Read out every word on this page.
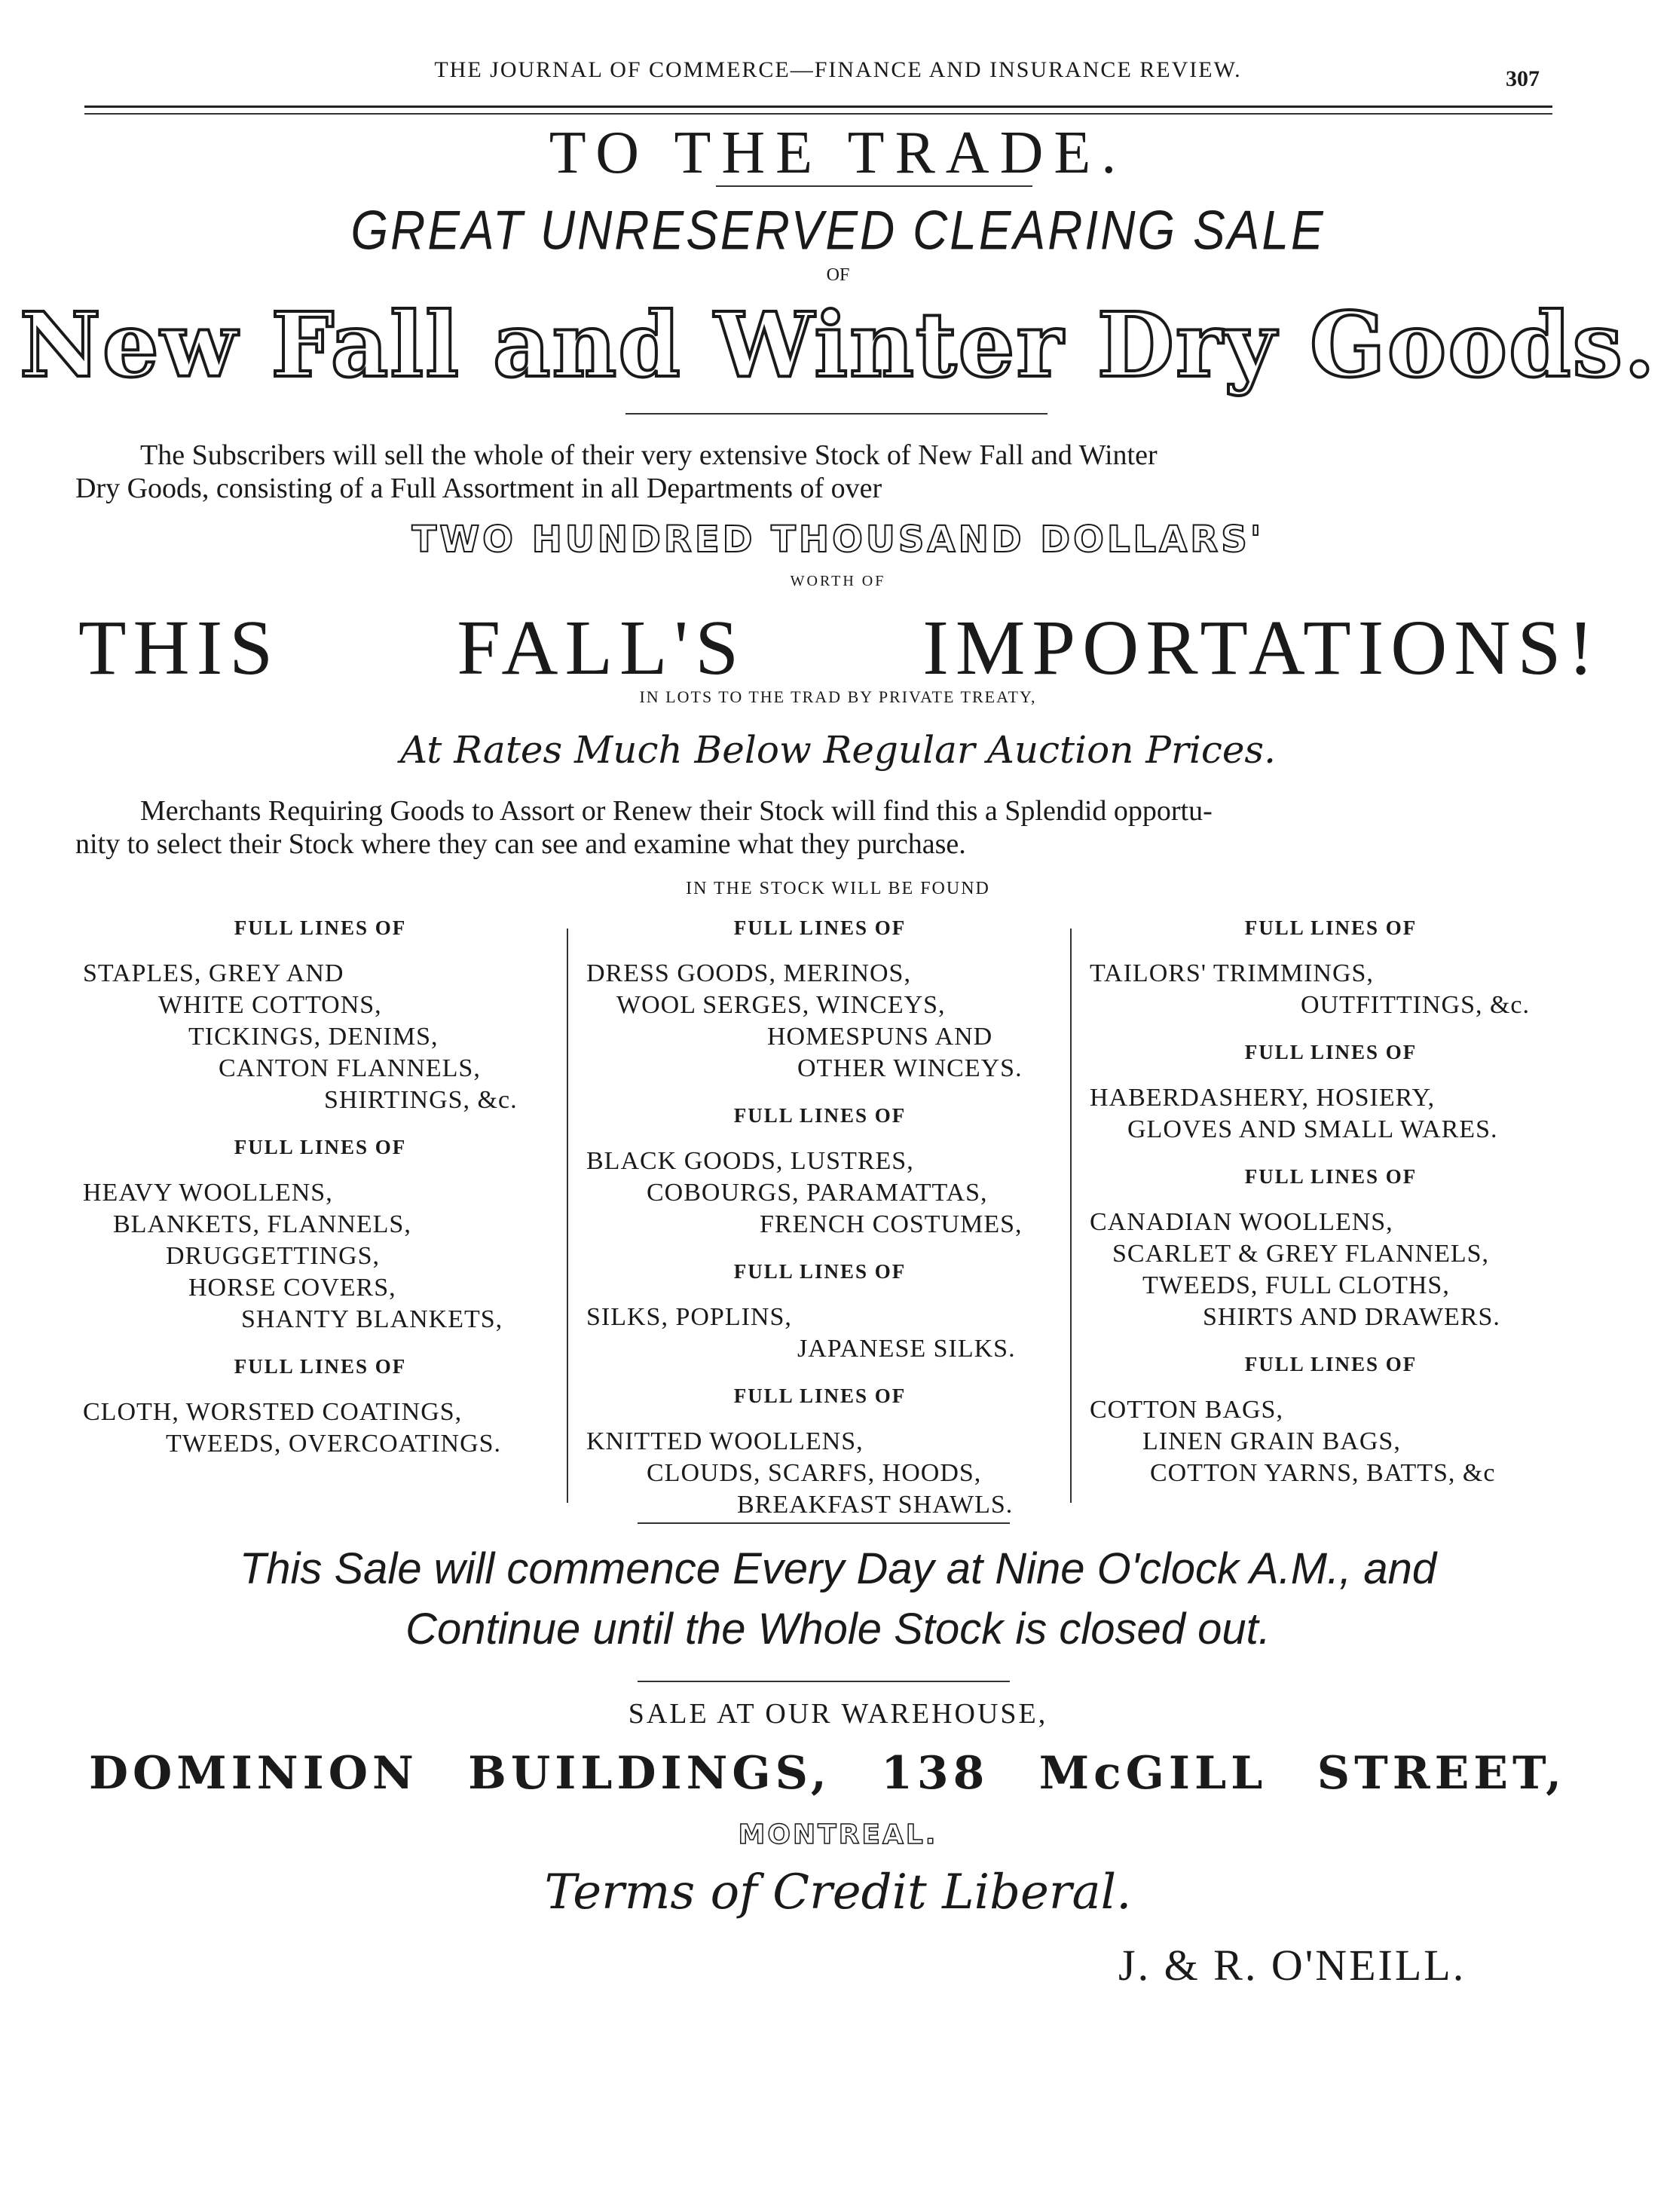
THE JOURNAL OF COMMERCE—FINANCE AND INSURANCE REVIEW.	307
TO THE TRADE.
GREAT UNRESERVED CLEARING SALE
OF
New Fall and Winter Dry Goods.
The Subscribers will sell the whole of their very extensive Stock of New Fall and Winter
Dry Goods, consisting of a Full Assortment in all Departments of over
TWO HUNDRED THOUSAND DOLLARS'
WORTH OF
THIS FALL'S IMPORTATIONS!
IN LOTS TO THE TRAD BY PRIVATE TREATY,
At Rates Much Below Regular Auction Prices.
Merchants Requiring Goods to Assort or Renew their Stock will find this a Splendid opportu-
nity to select their Stock where they can see and examine what they purchase.
IN THE STOCK WILL BE FOUND
FULL LINES OF
STAPLES, GREY AND
WHITE COTTONS,
TICKINGS, DENIMS,
CANTON FLANNELS,
SHIRTINGS, &c.
FULL LINES OF
HEAVY WOOLLENS,
BLANKETS, FLANNELS,
DRUGGETTINGS,
HORSE COVERS,
SHANTY BLANKETS,
FULL LINES OF
CLOTH, WORSTED COATINGS,
TWEEDS, OVERCOATINGS.
FULL LINES OF
DRESS GOODS, MERINOS,
WOOL SERGES, WINCEYS,
HOMESPUNS AND
OTHER WINCEYS.
FULL LINES OF
BLACK GOODS, LUSTRES,
COBOURGS, PARAMATTAS,
FRENCH COSTUMES,
FULL LINES OF
SILKS, POPLINS,
JAPANESE SILKS.
FULL LINES OF
KNITTED WOOLLENS,
CLOUDS, SCARFS, HOODS,
BREAKFAST SHAWLS.
FULL LINES OF
TAILORS' TRIMMINGS,
OUTFITTINGS, &c.
FULL LINES OF
HABERDASHERY, HOSIERY,
GLOVES AND SMALL WARES.
FULL LINES OF
CANADIAN WOOLLENS,
SCARLET & GREY FLANNELS,
TWEEDS, FULL CLOTHS,
SHIRTS AND DRAWERS.
FULL LINES OF
COTTON BAGS,
LINEN GRAIN BAGS,
COTTON YARNS, BATTS, &c
This Sale will commence Every Day at Nine O'clock A.M., and
Continue until the Whole Stock is closed out.
SALE AT OUR WAREHOUSE,
DOMINION BUILDINGS, 138 McGILL STREET,
MONTREAL.
Terms of Credit Liberal.
J. & R. O'NEILL.
